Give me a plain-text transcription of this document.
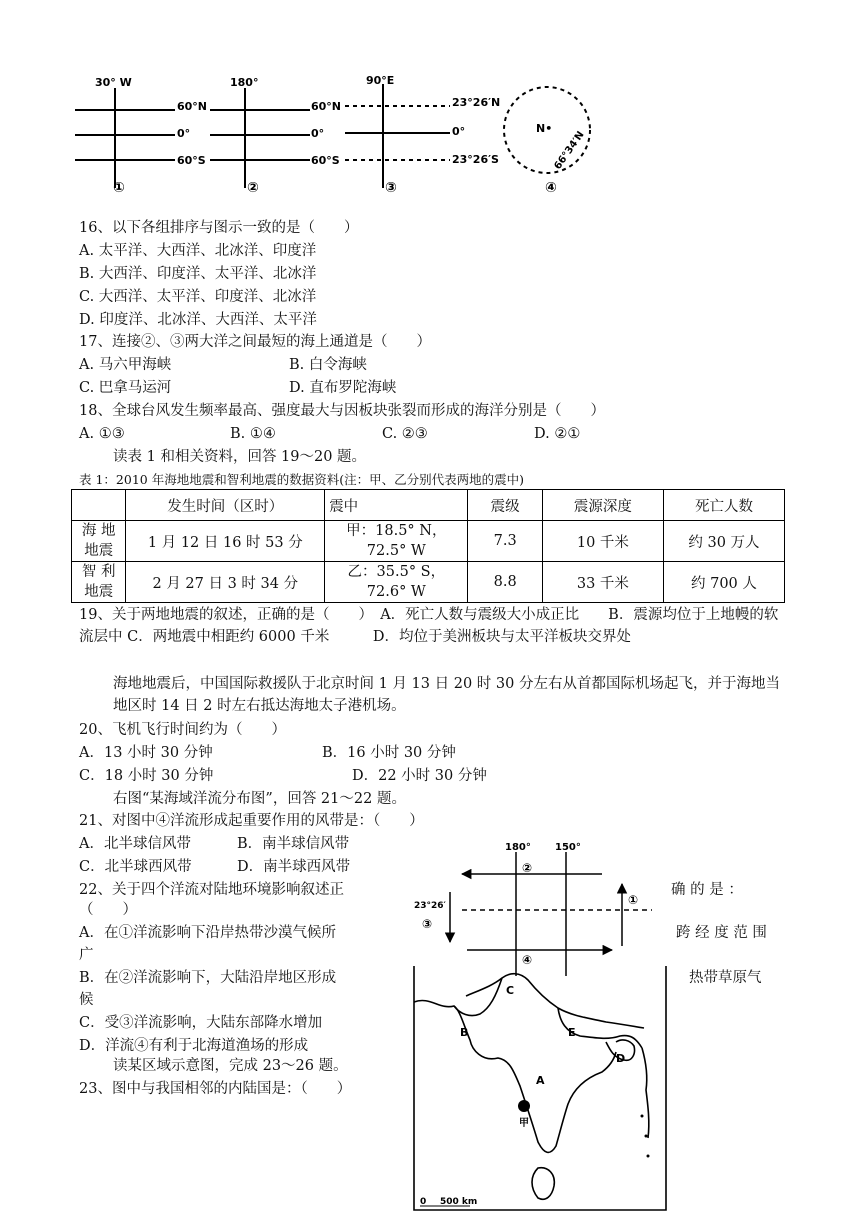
30° W
60°N
0°
60°S
①
180°
60°N
0°
60°S
②
90°E
23°26′N
0°
23°26′S
③
N•
66°34′N
④
16、以下各组排序与图示一致的是（　　）
A. 太平洋、大西洋、北冰洋、印度洋
B. 大西洋、印度洋、太平洋、北冰洋
C. 大西洋、太平洋、印度洋、北冰洋
D. 印度洋、北冰洋、大西洋、太平洋
17、连接②、③两大洋之间最短的海上通道是（　　）
A. 马六甲海峡	B. 白令海峡
C. 巴拿马运河	D. 直布罗陀海峡
18、全球台风发生频率最高、强度最大与因板块张裂而形成的海洋分别是（　　）
A. ①③	B. ①④	C. ②③	D. ②①
读表 1 和相关资料，回答 19～20 题。
表 1：2010 年海地地震和智利地震的数据资料(注：甲、乙分别代表两地的震中)
	发生时间（区时）	震中	震级	震源深度	死亡人数
海 地 地震	1 月 12 日 16 时 53 分	甲：18.5° N，
72.5° W	7.3	10 千米	约 30 万人
智 利 地震	2 月 27 日 3 时 34 分	乙：35.5° S，
72.6° W	8.8	33 千米	约 700 人
19、关于两地地震的叙述，正确的是（　　）　A．死亡人数与震级大小成正比　　B．震源均位于上地幔的软流层中 C．两地震中相距约 6000 千米　　　D．均位于美洲板块与太平洋板块交界处
海地地震后，中国国际救援队于北京时间 1 月 13 日 20 时 30 分左右从首都国际机场起飞，并于海地当地区时 14 日 2 时左右抵达海地太子港机场。
20、飞机飞行时间约为（　　）
A．13 小时 30 分钟	B．16 小时 30 分钟
C．18 小时 30 分钟	D．22 小时 30 分钟
右图“某海域洋流分布图”，回答 21～22 题。
21、对图中④洋流形成起重要作用的风带是：（　　）
A．北半球信风带	B．南半球信风带
C．北半球西风带	D．南半球西风带
22、关于四个洋流对陆地环境影响叙述正	确 的 是 ：
（　　）
A．在①洋流影响下沿岸热带沙漠气候所	跨 经 度 范 围
广
B．在②洋流影响下，大陆沿岸地区形成	热带草原气
候
C．受③洋流影响，大陆东部降水增加
D．洋流④有利于北海道渔场的形成
读某区域示意图，完成 23～26 题。
23、图中与我国相邻的内陆国是：（　　）
180° 150°
23°26′	①
②
③
④
C
B	E
D
A
甲
0 500 km
